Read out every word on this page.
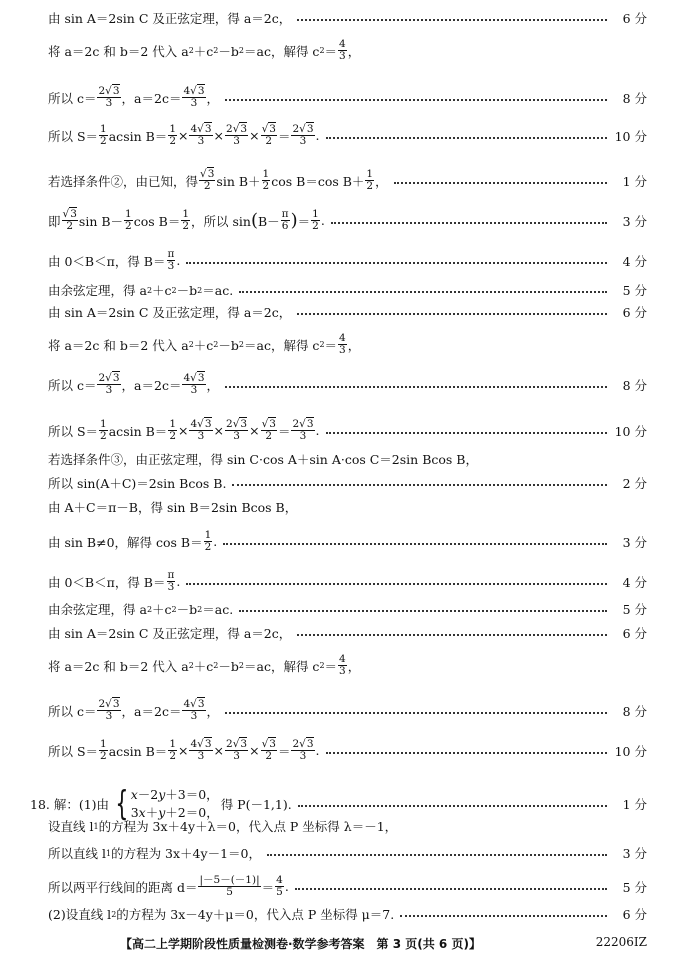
由 sin A＝2sin C 及正弦定理，得 a＝2c，	6 分
将 a＝2c 和 b＝2 代入 a 2 ＋c 2 －b 2 ＝ac，解得 c $2 = \frac{4}{3}$ ，
所以 $c= \frac{2√3}{3}$ ，$a=2c= \frac{4√3}{3}$ ，	8 分
所以 $S= \frac{1}{2}$ acsin $B= \frac{1}{2} \times \frac{4√3}{3} \times \frac{2√3}{3} \times \frac{√3}{2} = \frac{2√3}{3}$ .	10 分
若选择条件②，由已知，得 $\frac{√3}{2}$ $\sin B+ \frac{1}{2}$ cos B＝cos $B+ \frac{1}{2}$ ，	1 分
即 $\frac{√3}{2}$ $\sin B- \frac{1}{2}$ $\cos B= \frac{1}{2}$ ，所以 sin ( $B- \frac{\pi}{6}$ ) ＝ $\frac{1}{2}$ .	3 分
由 0＜B＜π，得 $B= \frac{\pi}{3}$ .	4 分
由余弦定理，得 a 2 ＋c 2 －b 2 ＝ac.	5 分
由 sin A＝2sin C 及正弦定理，得 a＝2c，	6 分
将 a＝2c 和 b＝2 代入 a 2 ＋c 2 －b 2 ＝ac，解得 c $2 = \frac{4}{3}$ ，
所以 $c= \frac{2√3}{3}$ ，$a=2c= \frac{4√3}{3}$ ，	8 分
所以 $S= \frac{1}{2}$ acsin $B= \frac{1}{2} \times \frac{4√3}{3} \times \frac{2√3}{3} \times \frac{√3}{2} = \frac{2√3}{3}$ .	10 分
若选择条件③，由正弦定理，得 sin C·cos A＋sin A·cos C＝2sin Bcos B，
所以 sin(A＋C)＝2sin Bcos B.	2 分
由 A＋C＝π－B，得 sin B＝2sin Bcos B，
由 sin B≠0，解得 $\cos B= \frac{1}{2}$ .	3 分
由 0＜B＜π，得 $B= \frac{\pi}{3}$ .	4 分
由余弦定理，得 a 2 ＋c 2 －b 2 ＝ac.	5 分
由 sin A＝2sin C 及正弦定理，得 a＝2c，	6 分
将 a＝2c 和 b＝2 代入 a 2 ＋c 2 －b 2 ＝ac，解得 c $2 = \frac{4}{3}$ ，
所以 $c= \frac{2√3}{3}$ ，$a=2c= \frac{4√3}{3}$ ，	8 分
所以 $S= \frac{1}{2}$ acsin $B= \frac{1}{2} \times \frac{4√3}{3} \times \frac{2√3}{3} \times \frac{√3}{2} = \frac{2√3}{3}$ .	10 分
18. 解：(1)由 { x－2y＋3＝0，
3x＋y＋2＝0，
得 P(－1,1).	1 分
设直线 l 1 的方程为 3x＋4y＋λ＝0，代入点 P 坐标得 λ＝－1，
所以直线 l 1 的方程为 3x＋4y－1＝0，	3 分
所以两平行线间的距离 $d= \frac{|-5-(-1)|}{5} = \frac{4}{5}$ .	5 分
(2)设直线 l 2 的方程为 3x－4y＋μ＝0，代入点 P 坐标得 μ＝7.	6 分
【高二上学期阶段性质量检测卷·数学参考答案　第 3 页(共 6 页)】	22206IZ
